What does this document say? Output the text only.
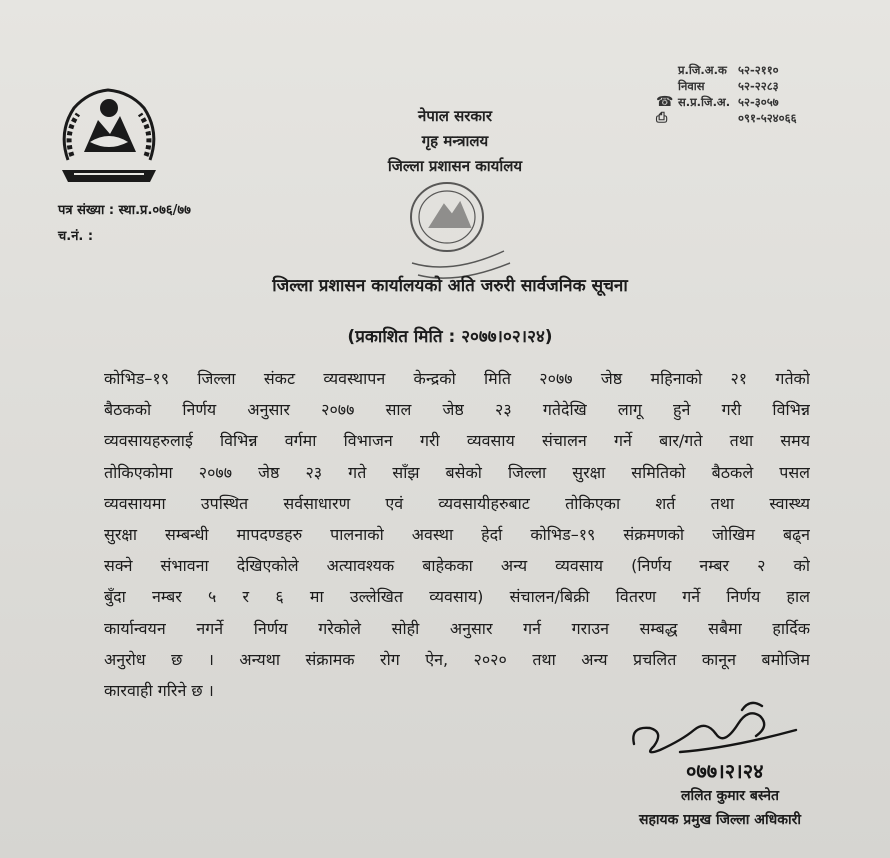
नेपाल सरकार
गृह मन्त्रालय
जिल्ला प्रशासन कार्यालय
प्र.जि.अ.क ५२-२११०
निवास	५२-२२८३
☎ स.प्र.जि.अ. ५२-३०५७
⎙	०९१-५२४०६६
पत्र संख्या : स्था.प्र.०७६/७७
च.नं. :
जिल्ला प्रशासन कार्यालयको अति जरुरी सार्वजनिक सूचना
(प्रकाशित मिति : २०७७।०२।२४)
कोभिड–१९ जिल्ला संकट व्यवस्थापन केन्द्रको मिति २०७७ जेष्ठ महिनाको २१ गतेको
बैठकको निर्णय अनुसार २०७७ साल जेष्ठ २३ गतेदेखि लागू हुने गरी विभिन्न
व्यवसायहरुलाई विभिन्न वर्गमा विभाजन गरी व्यवसाय संचालन गर्ने बार/गते तथा समय
तोकिएकोमा २०७७ जेष्ठ २३ गते साँझ बसेको जिल्ला सुरक्षा समितिको बैठकले पसल
व्यवसायमा उपस्थित सर्वसाधारण एवं व्यवसायीहरुबाट तोकिएका शर्त तथा स्वास्थ्य
सुरक्षा सम्बन्धी मापदण्डहरु पालनाको अवस्था हेर्दा कोभिड–१९ संक्रमणको जोखिम बढ्न
सक्ने संभावना देखिएकोले अत्यावश्यक बाहेकका अन्य व्यवसाय (निर्णय नम्बर २ को
बुँदा नम्बर ५ र ६ मा उल्लेखित व्यवसाय) संचालन/बिक्री वितरण गर्ने निर्णय हाल
कार्यान्वयन नगर्ने निर्णय गरेकोले सोही अनुसार गर्न गराउन सम्बद्ध सबैमा हार्दिक
अनुरोध छ । अन्यथा संक्रामक रोग ऐन, २०२० तथा अन्य प्रचलित कानून बमोजिम
कारवाही गरिने छ ।
०७७।२।२४
ललित कुमार बस्नेत
सहायक प्रमुख जिल्ला अधिकारी
